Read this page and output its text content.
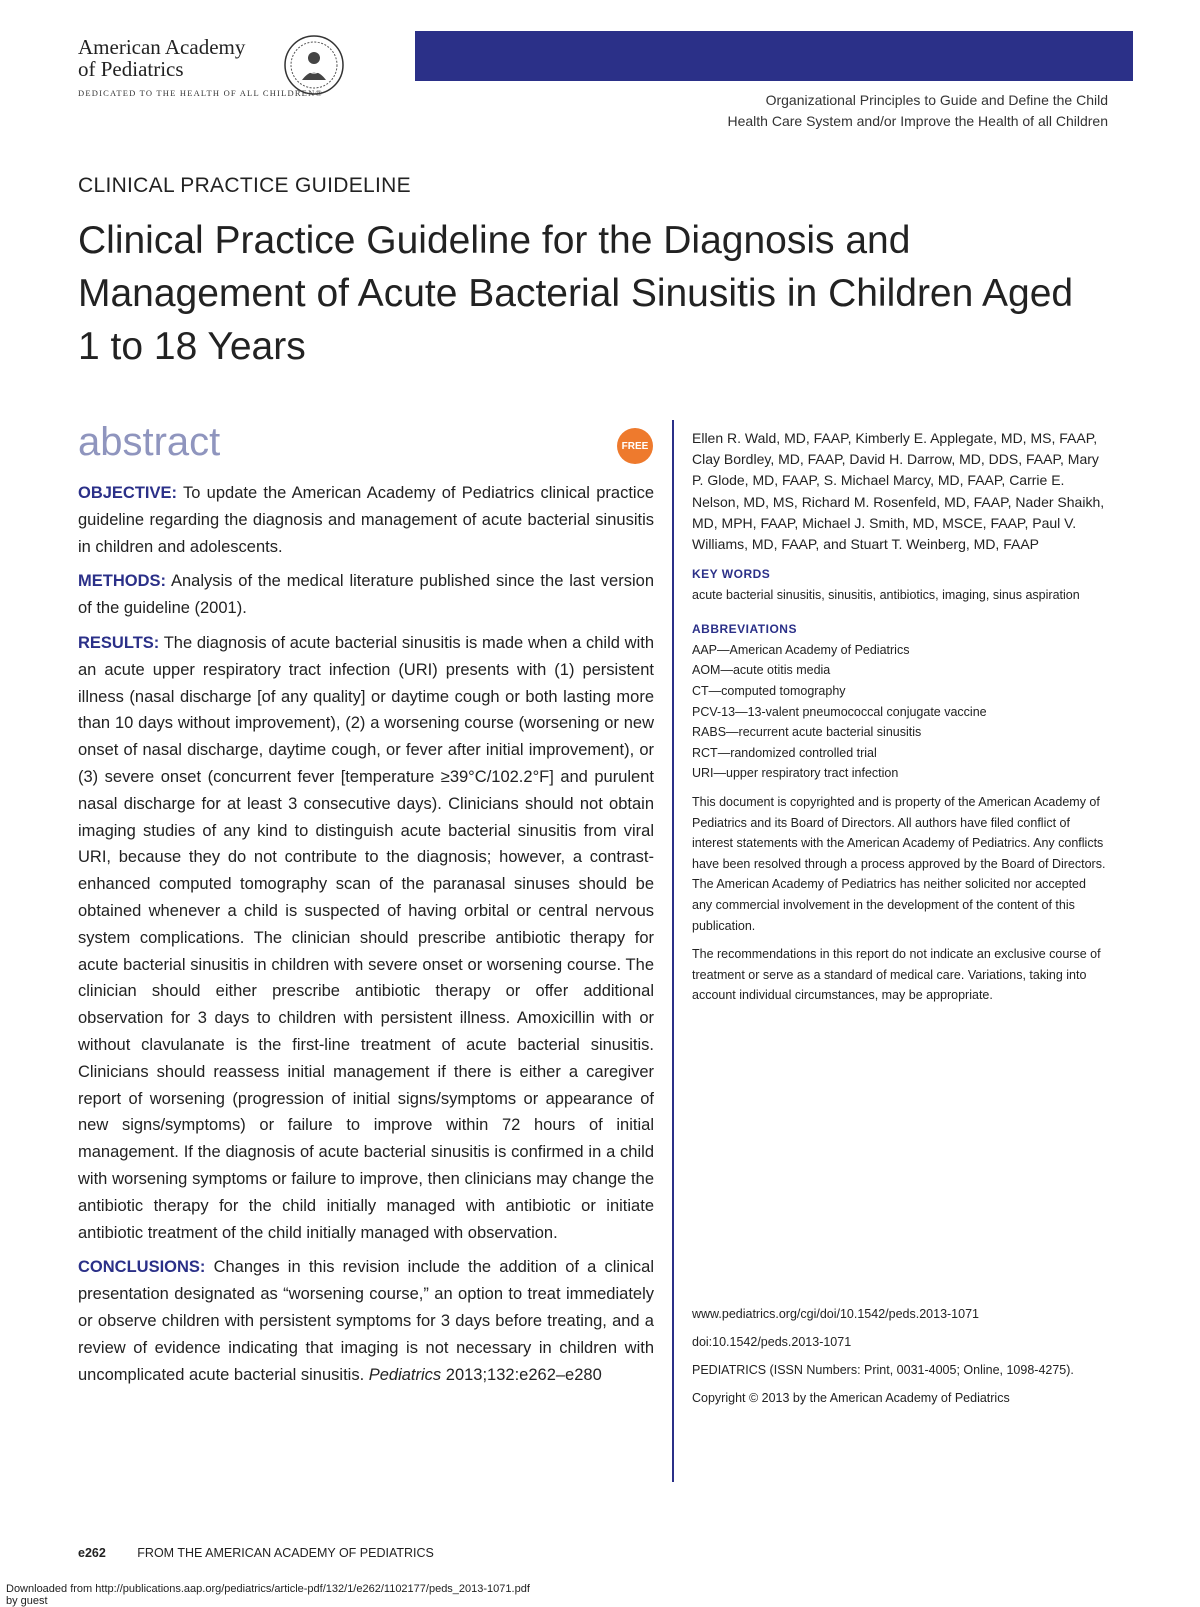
American Academy
of Pediatrics
DEDICATED TO THE HEALTH OF ALL CHILDREN®	Organizational Principles to Guide and Define the Child
Health Care System and/or Improve the Health of all Children
CLINICAL PRACTICE GUIDELINE
Clinical Practice Guideline for the Diagnosis and Management of Acute Bacterial Sinusitis in Children Aged 1 to 18 Years
abstract	FREE

OBJECTIVE: To update the American Academy of Pediatrics clinical practice guideline regarding the diagnosis and management of acute bacterial sinusitis in children and adolescents.

METHODS: Analysis of the medical literature published since the last version of the guideline (2001).

RESULTS: The diagnosis of acute bacterial sinusitis is made when a child with an acute upper respiratory tract infection (URI) presents with (1) persistent illness (nasal discharge [of any quality] or daytime cough or both lasting more than 10 days without improvement), (2) a worsening course (worsening or new onset of nasal discharge, daytime cough, or fever after initial improvement), or (3) severe onset (concurrent fever [temperature ≥39°C/102.2°F] and purulent nasal discharge for at least 3 consecutive days). Clinicians should not obtain imaging studies of any kind to distinguish acute bacterial sinusitis from viral URI, because they do not contribute to the diagnosis; however, a contrast-enhanced computed tomography scan of the paranasal sinuses should be obtained whenever a child is suspected of having orbital or central nervous system complications. The clinician should prescribe antibiotic therapy for acute bacterial sinusitis in children with severe onset or worsening course. The clinician should either prescribe antibiotic therapy or offer additional observation for 3 days to children with persistent illness. Amoxicillin with or without clavulanate is the first-line treatment of acute bacterial sinusitis. Clinicians should reassess initial management if there is either a caregiver report of worsening (progression of initial signs/symptoms or appearance of new signs/symptoms) or failure to improve within 72 hours of initial management. If the diagnosis of acute bacterial sinusitis is confirmed in a child with worsening symptoms or failure to improve, then clinicians may change the antibiotic therapy for the child initially managed with antibiotic or initiate antibiotic treatment of the child initially managed with observation.

CONCLUSIONS: Changes in this revision include the addition of a clinical presentation designated as “worsening course,” an option to treat immediately or observe children with persistent symptoms for 3 days before treating, and a review of evidence indicating that imaging is not necessary in children with uncomplicated acute bacterial sinusitis. Pediatrics 2013;132:e262–e280

Ellen R. Wald, MD, FAAP, Kimberly E. Applegate, MD, MS, FAAP, Clay Bordley, MD, FAAP, David H. Darrow, MD, DDS, FAAP, Mary P. Glode, MD, FAAP, S. Michael Marcy, MD, FAAP, Carrie E. Nelson, MD, MS, Richard M. Rosenfeld, MD, FAAP, Nader Shaikh, MD, MPH, FAAP, Michael J. Smith, MD, MSCE, FAAP, Paul V. Williams, MD, FAAP, and Stuart T. Weinberg, MD, FAAP

KEY WORDS

acute bacterial sinusitis, sinusitis, antibiotics, imaging, sinus aspiration

ABBREVIATIONS
AAP—American Academy of Pediatrics
AOM—acute otitis media
CT—computed tomography
PCV-13—13-valent pneumococcal conjugate vaccine
RABS—recurrent acute bacterial sinusitis
RCT—randomized controlled trial
URI—upper respiratory tract infection

This document is copyrighted and is property of the American Academy of Pediatrics and its Board of Directors. All authors have filed conflict of interest statements with the American Academy of Pediatrics. Any conflicts have been resolved through a process approved by the Board of Directors. The American Academy of Pediatrics has neither solicited nor accepted any commercial involvement in the development of the content of this publication.

The recommendations in this report do not indicate an exclusive course of treatment or serve as a standard of medical care. Variations, taking into account individual circumstances, may be appropriate.

www.pediatrics.org/cgi/doi/10.1542/peds.2013-1071
doi:10.1542/peds.2013-1071
PEDIATRICS (ISSN Numbers: Print, 0031-4005; Online, 1098-4275).
Copyright © 2013 by the American Academy of Pediatrics
e262	FROM THE AMERICAN ACADEMY OF PEDIATRICS
Downloaded from http://publications.aap.org/pediatrics/article-pdf/132/1/e262/1102177/peds_2013-1071.pdf
by guest
